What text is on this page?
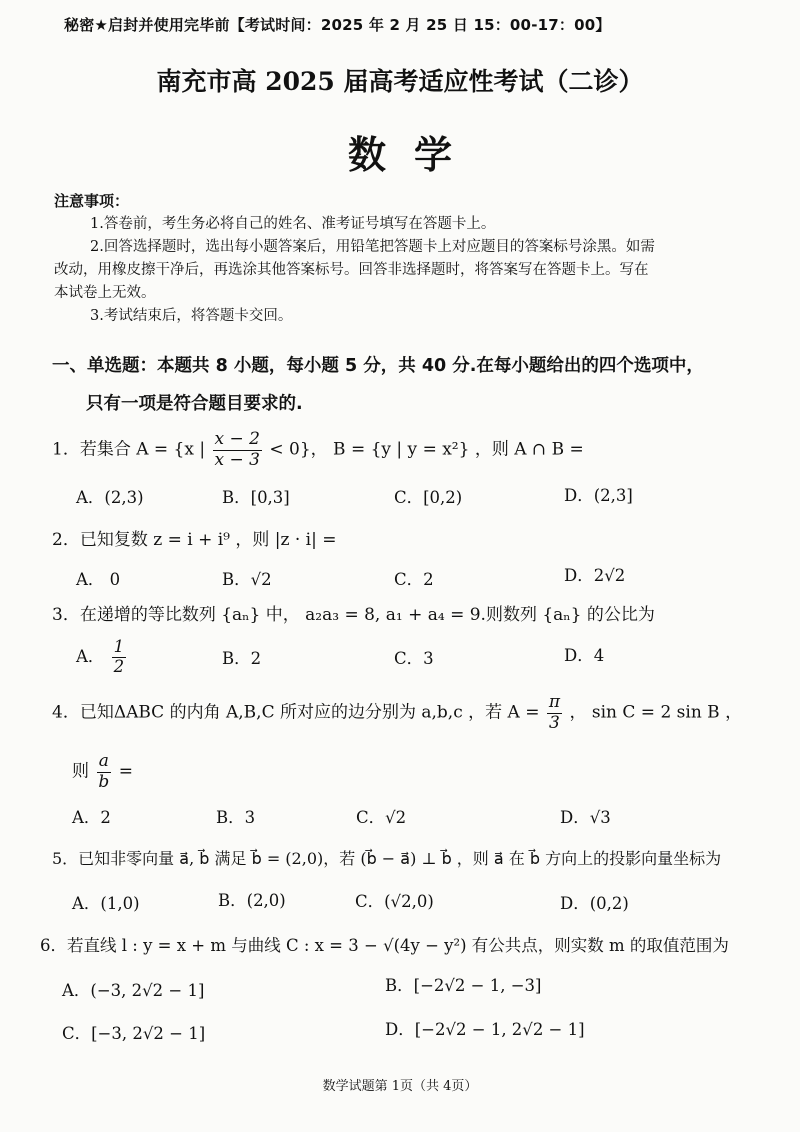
秘密★启封并使用完毕前【考试时间：2025 年 2 月 25 日 15：00-17：00】
南充市高 2025 届高考适应性考试（二诊）
数学
注意事项：
1.答卷前，考生务必将自己的姓名、准考证号填写在答题卡上。
2.回答选择题时，选出每小题答案后，用铅笔把答题卡上对应题目的答案标号涂黑。如需
改动，用橡皮擦干净后，再选涂其他答案标号。回答非选择题时，将答案写在答题卡上。写在
本试卷上无效。
3.考试结束后，将答题卡交回。
一、单选题：本题共 8 小题，每小题 5 分，共 40 分.在每小题给出的四个选项中，
只有一项是符合题目要求的.
1．若集合 A = {x | $\frac{x - 2}{x - 3} < 0$}， B = {y | y = x²} ，则 A ∩ B =
A．(2,3)	B．[0,3]	C．[0,2)	D．(2,3]
2．已知复数 z = i + i⁹ ，则 |z · i| =
A． 0	B．√2	C．2	D．2√2
3．在递增的等比数列 {aₙ} 中， a₂a₃ = 8, a₁ + a₄ = 9.则数列 {aₙ} 的公比为
A． $\frac{1}{2}$	B．2	C．3	D．4
4．已知ΔABC 的内角 A,B,C 所对应的边分别为 a,b,c ，若 $A = \frac{\pi}{3}$ ， sin C = 2 sin B ，
则 $\frac{a}{b}$ =
A．2	B．3	C．√2	D．√3
5．已知非零向量 a⃗, b⃗ 满足 b⃗ = (2,0)，若 (b⃗ − a⃗) ⊥ b⃗ ，则 a⃗ 在 b⃗ 方向上的投影向量坐标为
A．(1,0)	B．(2,0)	C．(√2,0)	D．(0,2)
6．若直线 l : y = x + m 与曲线 C : x = 3 − √(4y − y²) 有公共点，则实数 m 的取值范围为
A．(−3, 2√2 − 1]	B．[−2√2 − 1, −3]
C．[−3, 2√2 − 1]	D．[−2√2 − 1, 2√2 − 1]
数学试题第 1页（共 4页）
